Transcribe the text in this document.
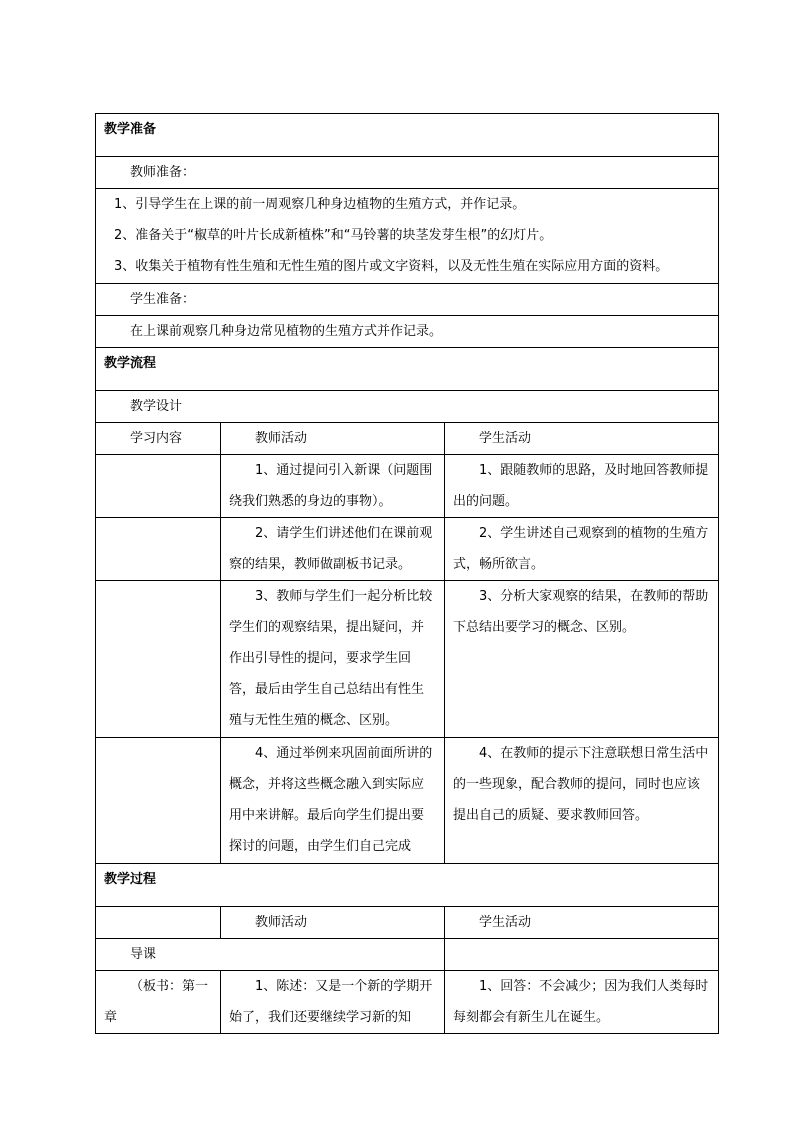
教学准备		
教师准备：		

1、引导学生在上课的前一周观察几种身边植物的生殖方式，并作记录。

2、准备关于“椒草的叶片长成新植株”和“马铃薯的块茎发芽生根”的幻灯片。

3、收集关于植物有性生殖和无性生殖的图片或文字资料，以及无性生殖在实际应用方面的资料。		

学生准备：		
在上课前观察几种身边常见植物的生殖方式并作记录。		
教学流程		
教学设计		
学习内容	教师活动	学生活动
	1、通过提问引入新课（问题围绕我们熟悉的身边的事物）。	1、跟随教师的思路，及时地回答教师提出的问题。
	2、请学生们讲述他们在课前观察的结果，教师做副板书记录。	2、学生讲述自己观察到的植物的生殖方式，畅所欲言。
	3、教师与学生们一起分析比较学生们的观察结果，提出疑问，并作出引导性的提问，要求学生回答，最后由学生自己总结出有性生殖与无性生殖的概念、区别。	3、分析大家观察的结果，在教师的帮助下总结出要学习的概念、区别。
	4、通过举例来巩固前面所讲的概念，并将这些概念融入到实际应用中来讲解。最后向学生们提出要探讨的问题，由学生们自己完成	4、在教师的提示下注意联想日常生活中的一些现象，配合教师的提问，同时也应该提出自己的质疑、要求教师回答。
教学过程		
	教师活动	学生活动
导课		
（板书：第一章	1、陈述：又是一个新的学期开始了，我们还要继续学习新的知	1、回答：不会减少；因为我们人类每时每刻都会有新生儿在诞生。
